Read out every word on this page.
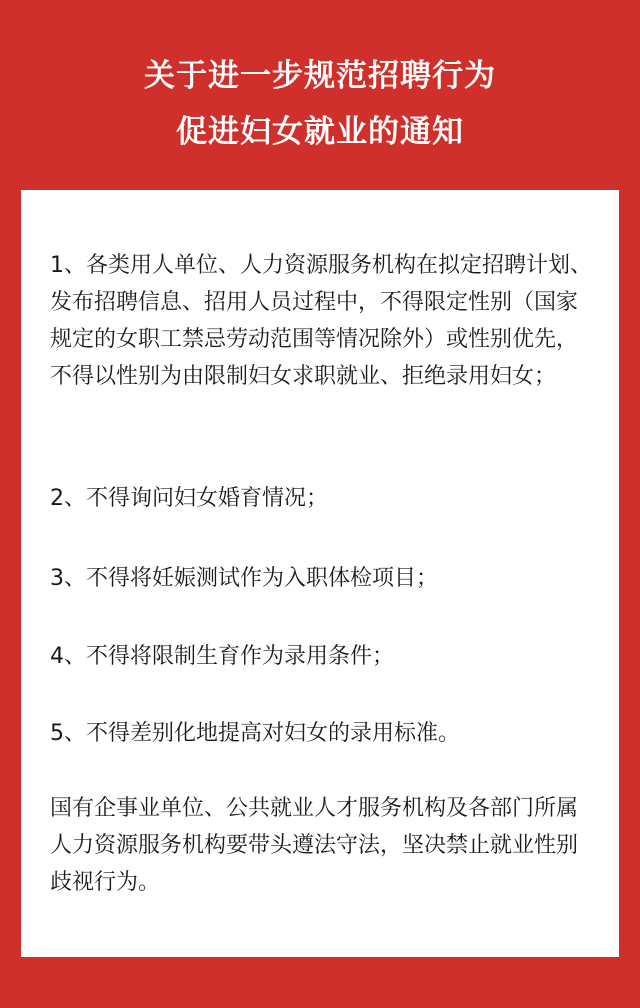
关于进一步规范招聘行为
促进妇女就业的通知

1、各类用人单位、人力资源服务机构在拟定招聘计划、发布招聘信息、招用人员过程中，不得限定性别（国家规定的女职工禁忌劳动范围等情况除外）或性别优先，不得以性别为由限制妇女求职就业、拒绝录用妇女；

2、不得询问妇女婚育情况；

3、不得将妊娠测试作为入职体检项目；

4、不得将限制生育作为录用条件；

5、不得差别化地提高对妇女的录用标准。

国有企事业单位、公共就业人才服务机构及各部门所属人力资源服务机构要带头遵法守法，坚决禁止就业性别歧视行为。
